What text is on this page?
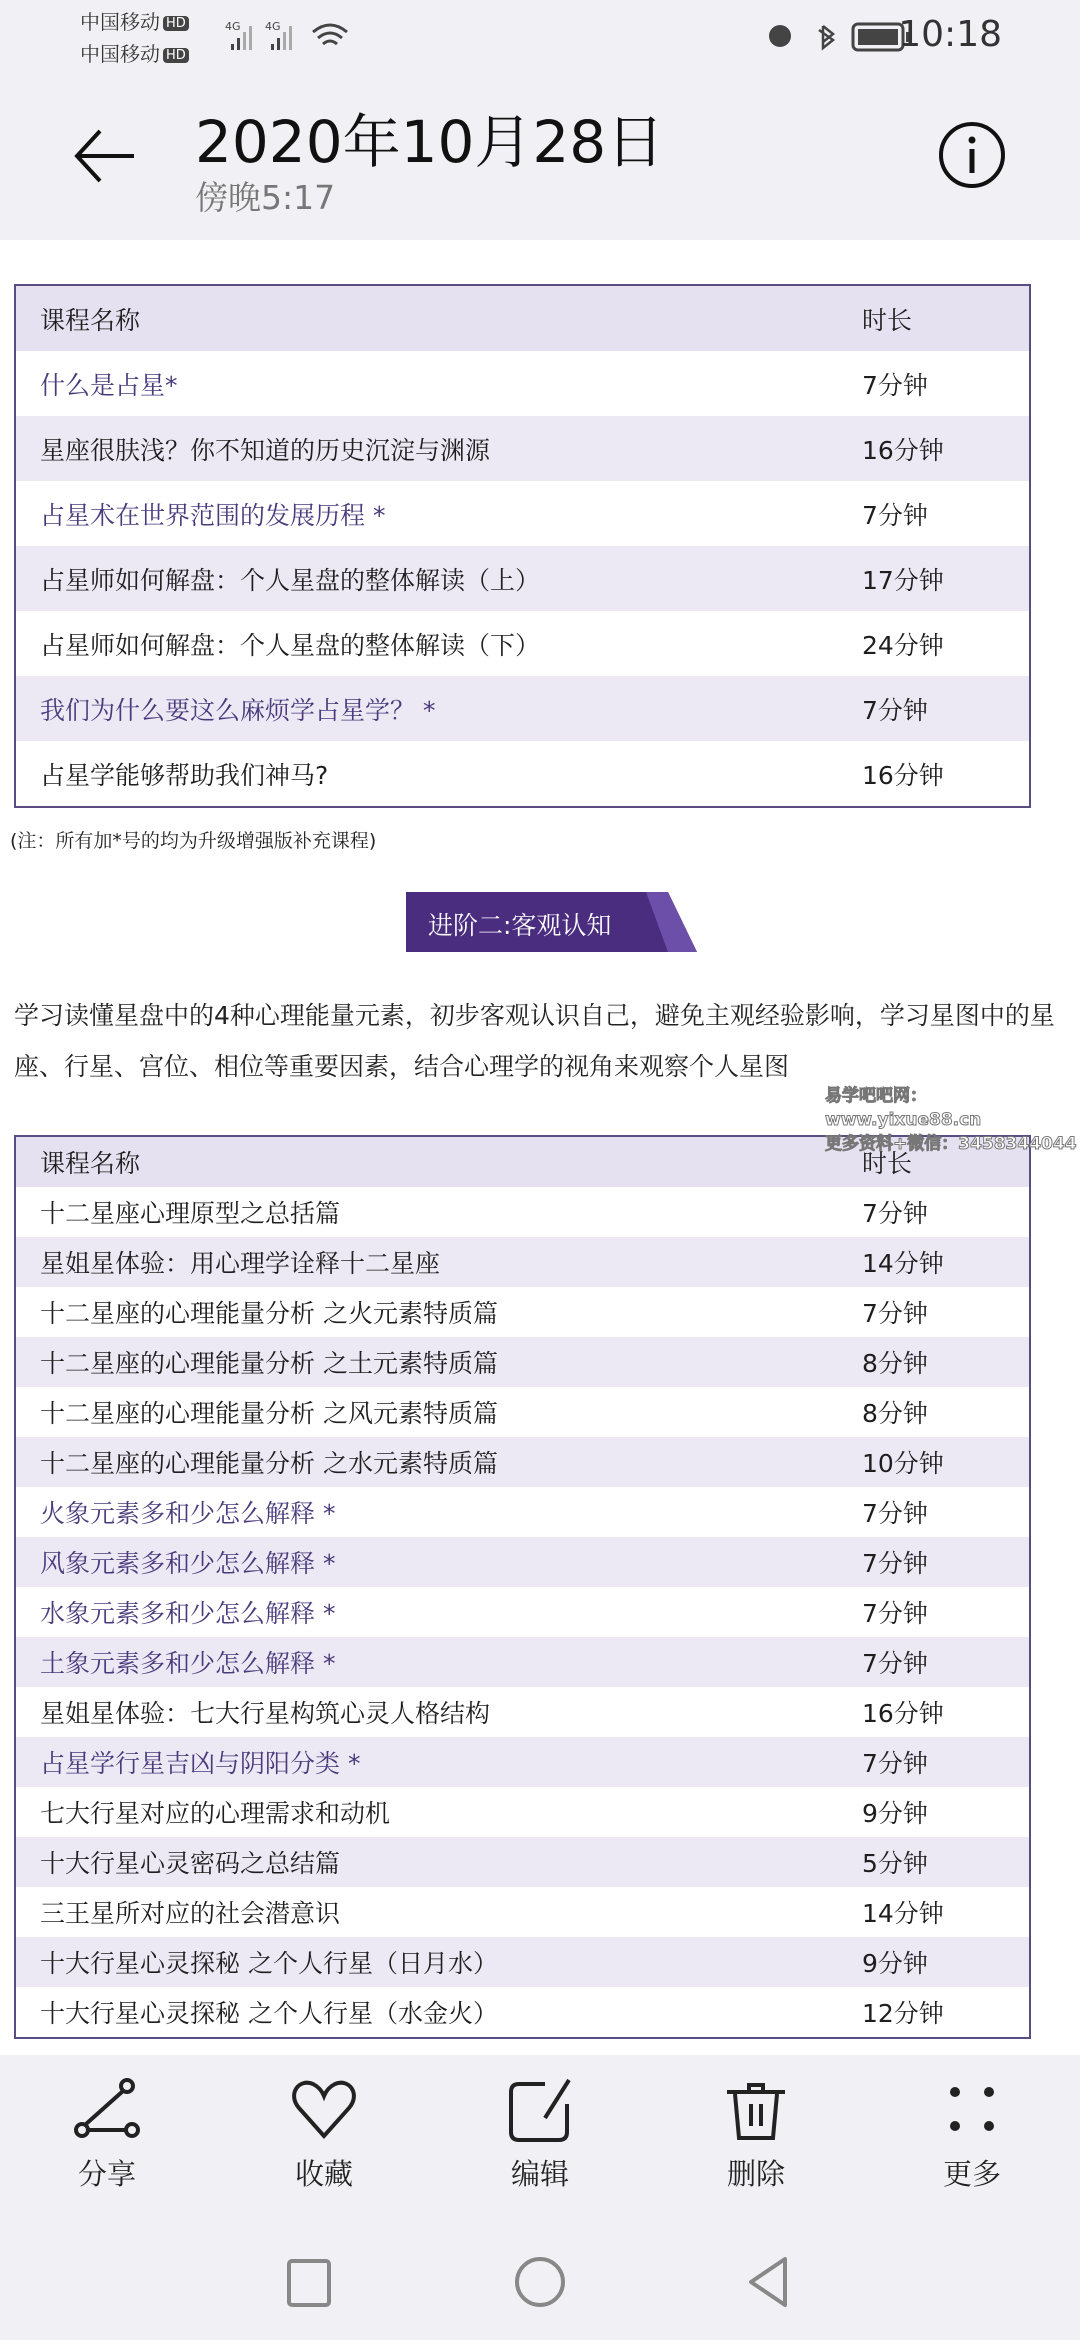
课程名称	时长
什么是占星*	7分钟
星座很肤浅？你不知道的历史沉淀与渊源	16分钟
占星术在世界范围的发展历程 *	7分钟
占星师如何解盘：个人星盘的整体解读（上）	17分钟
占星师如何解盘：个人星盘的整体解读（下）	24分钟
我们为什么要这么麻烦学占星学？ *	7分钟
占星学能够帮助我们神马?	16分钟
(注：所有加*号的均为升级增强版补充课程)
进阶二:客观认知
学习读懂星盘中的4种心理能量元素，初步客观认识自己，避免主观经验影响，学习星图中的星座、行星、宫位、相位等重要因素，结合心理学的视角来观察个人星图
课程名称	时长
十二星座心理原型之总括篇	7分钟
星姐星体验：用心理学诠释十二星座	14分钟
十二星座的心理能量分析 之火元素特质篇	7分钟
十二星座的心理能量分析 之土元素特质篇	8分钟
十二星座的心理能量分析 之风元素特质篇	8分钟
十二星座的心理能量分析 之水元素特质篇	10分钟
火象元素多和少怎么解释 *	7分钟
风象元素多和少怎么解释 *	7分钟
水象元素多和少怎么解释 *	7分钟
土象元素多和少怎么解释 *	7分钟
星姐星体验：七大行星构筑心灵人格结构	16分钟
占星学行星吉凶与阴阳分类 *	7分钟
七大行星对应的心理需求和动机	9分钟
十大行星心灵密码之总结篇	5分钟
三王星所对应的社会潜意识	14分钟
十大行星心灵探秘 之个人行星（日月水）	9分钟
十大行星心灵探秘 之个人行星（水金火）	12分钟
易学吧吧网：www.yixue88.cn
更多资料+微信：3458344044
中国移动 HD
中国移动 HD
4G 4G	10:18
2020年10月28日
傍晚5:17
分享	收藏	编辑	删除	更多
